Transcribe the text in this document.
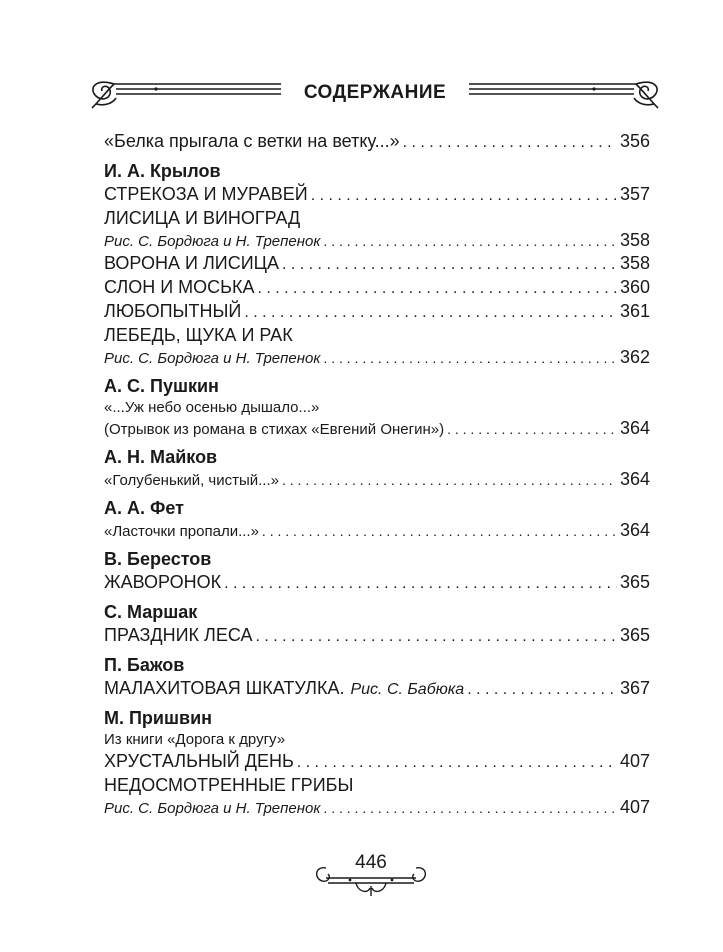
СОДЕРЖАНИЕ
«Белка прыгала с ветки на ветку...» . . .	356
И. А. Крылов
СТРЕКОЗА И МУРАВЕЙ . . .	357
ЛИСИЦА И ВИНОГРАД
Рис. С. Бордюга и Н. Трепенок . . .	358
ВОРОНА И ЛИСИЦА . . .	358
СЛОН И МОСЬКА . . .	360
ЛЮБОПЫТНЫЙ . . .	361
ЛЕБЕДЬ, ЩУКА И РАК
Рис. С. Бордюга и Н. Трепенок . . .	362
А. С. Пушкин
«...Уж небо осенью дышало...»
(Отрывок из романа в стихах «Евгений Онегин») . . .	364
А. Н. Майков
«Голубенький, чистый...» . . .	364
А. А. Фет
«Ласточки пропали...» . . .	364
В. Берестов
ЖАВОРОНОК . . .	365
С. Маршак
ПРАЗДНИК ЛЕСА . . .	365
П. Бажов
МАЛАХИТОВАЯ ШКАТУЛКА. Рис. С. Бабюка . . .	367
М. Пришвин
Из книги «Дорога к другу»
ХРУСТАЛЬНЫЙ ДЕНЬ . . .	407
НЕДОСМОТРЕННЫЕ ГРИБЫ
Рис. С. Бордюга и Н. Трепенок . . .	407
446
